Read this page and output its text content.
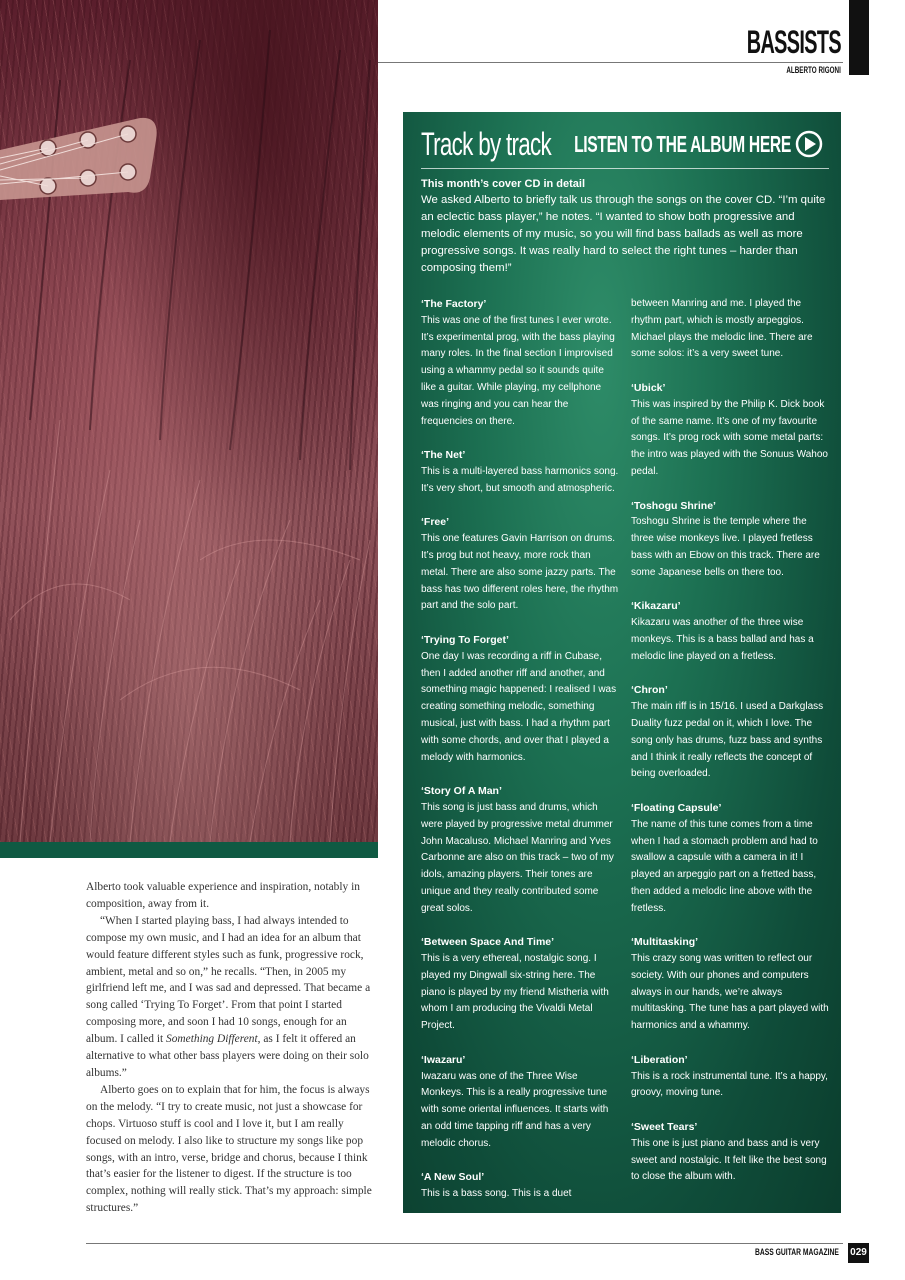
BASSISTS
ALBERTO RIGONI
Track by track LISTEN TO THE ALBUM HERE
This month’s cover CD in detail

We asked Alberto to briefly talk us through the songs on the cover CD. “I’m quite an eclectic bass player,” he notes. “I wanted to show both progressive and melodic elements of my music, so you will find bass ballads as well as more progressive songs. It was really hard to select the right tunes – harder than composing them!”

‘The Factory’

This was one of the first tunes I ever wrote. It’s experimental prog, with the bass playing many roles. In the final section I improvised using a whammy pedal so it sounds quite like a guitar. While playing, my cellphone was ringing and you can hear the frequencies on there.

‘The Net’

This is a multi-layered bass harmonics song. It’s very short, but smooth and atmospheric.

‘Free’

This one features Gavin Harrison on drums. It’s prog but not heavy, more rock than metal. There are also some jazzy parts. The bass has two different roles here, the rhythm part and the solo part.

‘Trying To Forget’

One day I was recording a riff in Cubase, then I added another riff and another, and something magic happened: I realised I was creating something melodic, something musical, just with bass. I had a rhythm part with some chords, and over that I played a melody with harmonics.

‘Story Of A Man’

This song is just bass and drums, which were played by progressive metal drummer John Macaluso. Michael Manring and Yves Carbonne are also on this track – two of my idols, amazing players. Their tones are unique and they really contributed some great solos.

‘Between Space And Time’

This is a very ethereal, nostalgic song. I played my Dingwall six-string here. The piano is played by my friend Mistheria with whom I am producing the Vivaldi Metal Project.

‘Iwazaru’

Iwazaru was one of the Three Wise Monkeys. This is a really progressive tune with some oriental influences. It starts with an odd time tapping riff and has a very melodic chorus.

‘A New Soul’

This is a bass song. This is a duet

between Manring and me. I played the rhythm part, which is mostly arpeggios. Michael plays the melodic line. There are some solos: it’s a very sweet tune.

‘Ubick’

This was inspired by the Philip K. Dick book of the same name. It’s one of my favourite songs. It’s prog rock with some metal parts: the intro was played with the Sonuus Wahoo pedal.

‘Toshogu Shrine’

Toshogu Shrine is the temple where the three wise monkeys live. I played fretless bass with an Ebow on this track. There are some Japanese bells on there too.

‘Kikazaru’

Kikazaru was another of the three wise monkeys. This is a bass ballad and has a melodic line played on a fretless.

‘Chron’

The main riff is in 15/16. I used a Darkglass Duality fuzz pedal on it, which I love. The song only has drums, fuzz bass and synths and I think it really reflects the concept of being overloaded.

‘Floating Capsule’

The name of this tune comes from a time when I had a stomach problem and had to swallow a capsule with a camera in it! I played an arpeggio part on a fretted bass, then added a melodic line above with the fretless.

‘Multitasking’

This crazy song was written to reflect our society. With our phones and computers always in our hands, we’re always multitasking. The tune has a part played with harmonics and a whammy.

‘Liberation’

This is a rock instrumental tune. It’s a happy, groovy, moving tune.

‘Sweet Tears’

This one is just piano and bass and is very sweet and nostalgic. It felt like the best song to close the album with.

Alberto took valuable experience and inspiration, notably in composition, away from it.

“When I started playing bass, I had always intended to compose my own music, and I had an idea for an album that would feature different styles such as funk, progressive rock, ambient, metal and so on,” he recalls. “Then, in 2005 my girlfriend left me, and I was sad and depressed. That became a song called ‘Trying To Forget’. From that point I started composing more, and soon I had 10 songs, enough for an album. I called it Something Different, as I felt it offered an alternative to what other bass players were doing on their solo albums.”

Alberto goes on to explain that for him, the focus is always on the melody. “I try to create music, not just a showcase for chops. Virtuoso stuff is cool and I love it, but I am really focused on melody. I also like to structure my songs like pop songs, with an intro, verse, bridge and chorus, because I think that’s easier for the listener to digest. If the structure is too complex, nothing will really stick. That’s my approach: simple structures.”

BASS GUITAR MAGAZINE 029
